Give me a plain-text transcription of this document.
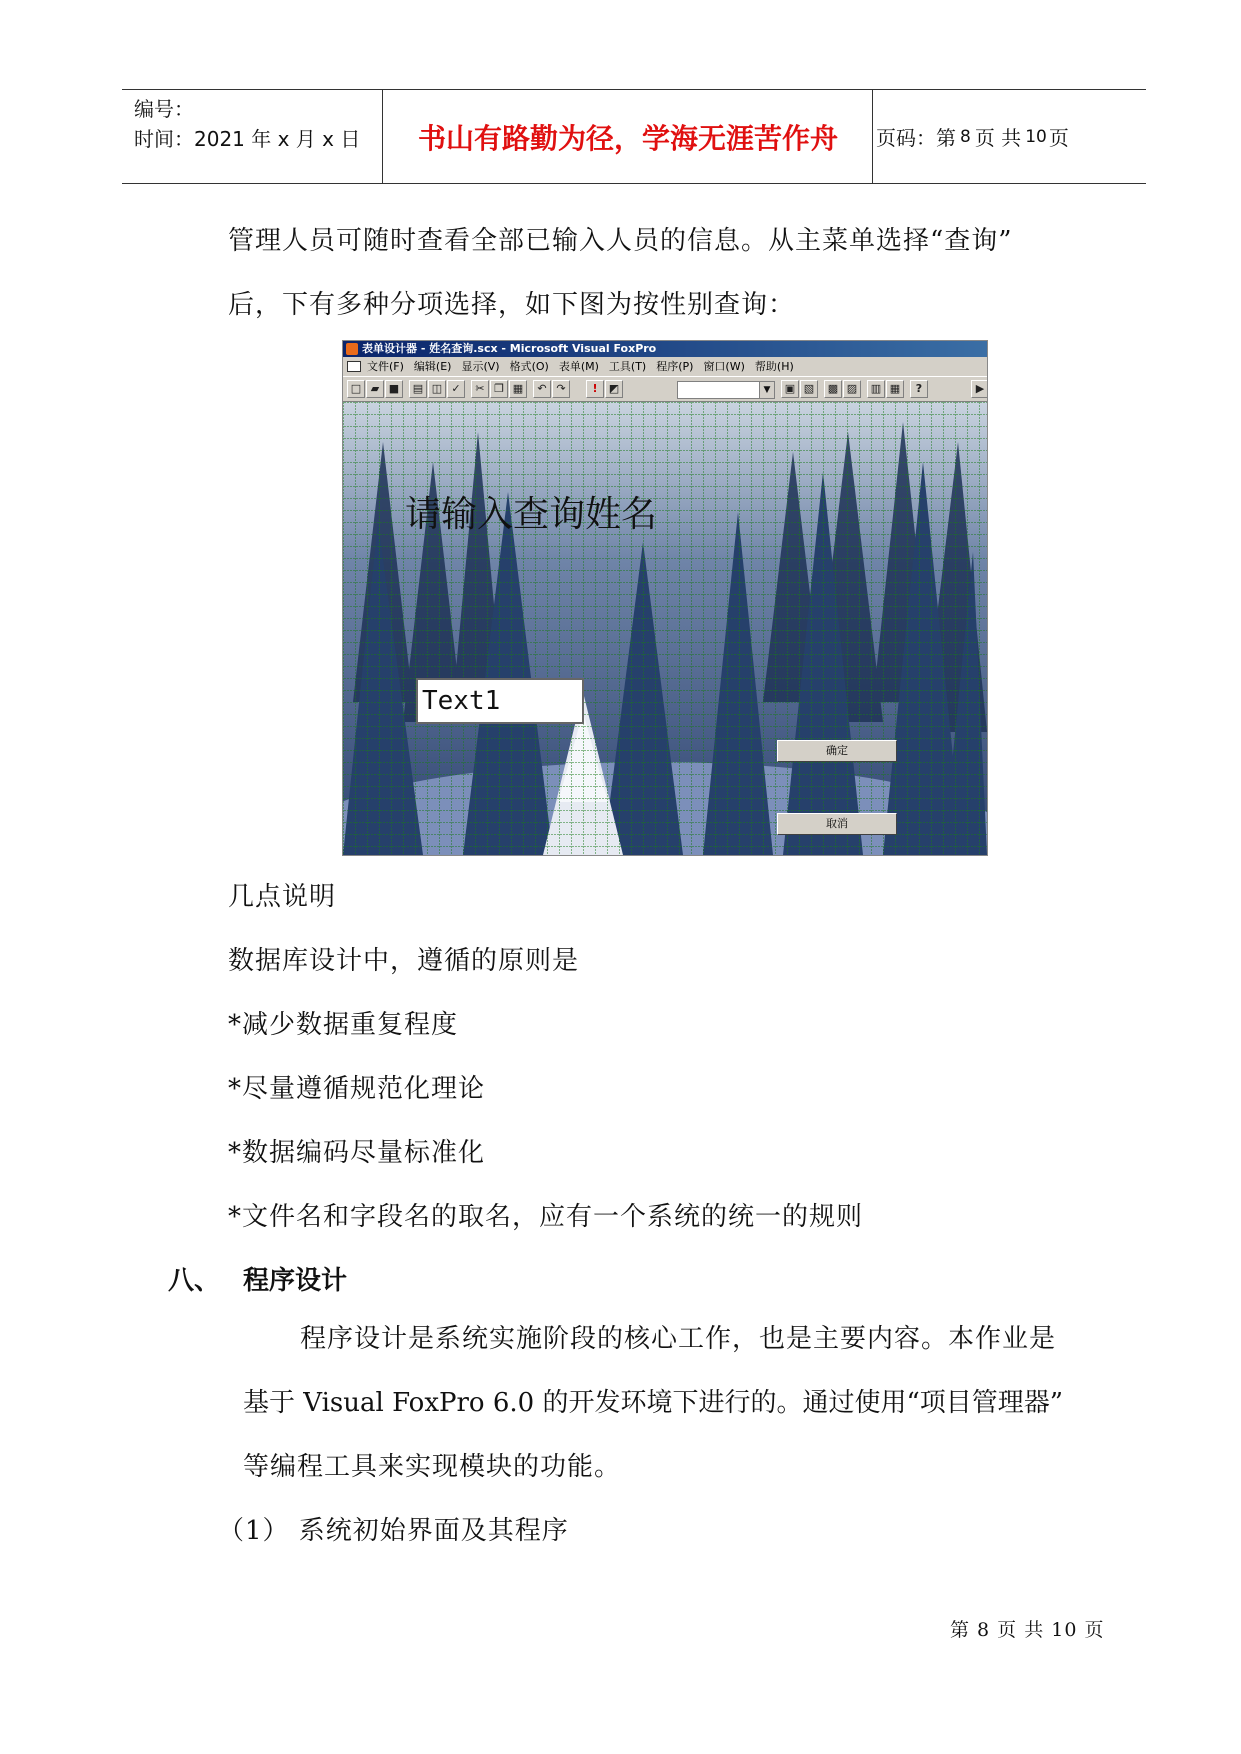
编号：
时间：2021 年 x 月 x 日	书山有路勤为径，学海无涯苦作舟	页码：第 8 页 共 10 页
管理人员可随时查看全部已输入人员的信息。从主菜单选择“查询”
后，下有多种分项选择，如下图为按性别查询：
表单设计器 - 姓名查询.scx - Microsoft Visual FoxPro
文件(F) 编辑(E) 显示(V) 格式(O) 表单(M) 工具(T) 程序(P) 窗口(W) 帮助(H)
□ ▰ ■	▤ ◫ ✓	✂ ❐ ▦	↶ ↷	!	◩	▼	▣ ▧	▩ ▨	▥ ▦	?	▶
请输入查询姓名
Text1
确定
取消
几点说明
数据库设计中，遵循的原则是
*减少数据重复程度
*尽量遵循规范化理论
*数据编码尽量标准化
*文件名和字段名的取名，应有一个系统的统一的规则
八、 程序设计
程序设计是系统实施阶段的核心工作，也是主要内容。本作业是
基于 Visual FoxPro 6.0 的开发环境下进行的。通过使用“项目管理器”
等编程工具来实现模块的功能。
（1） 系统初始界面及其程序
第 8 页 共 10 页
